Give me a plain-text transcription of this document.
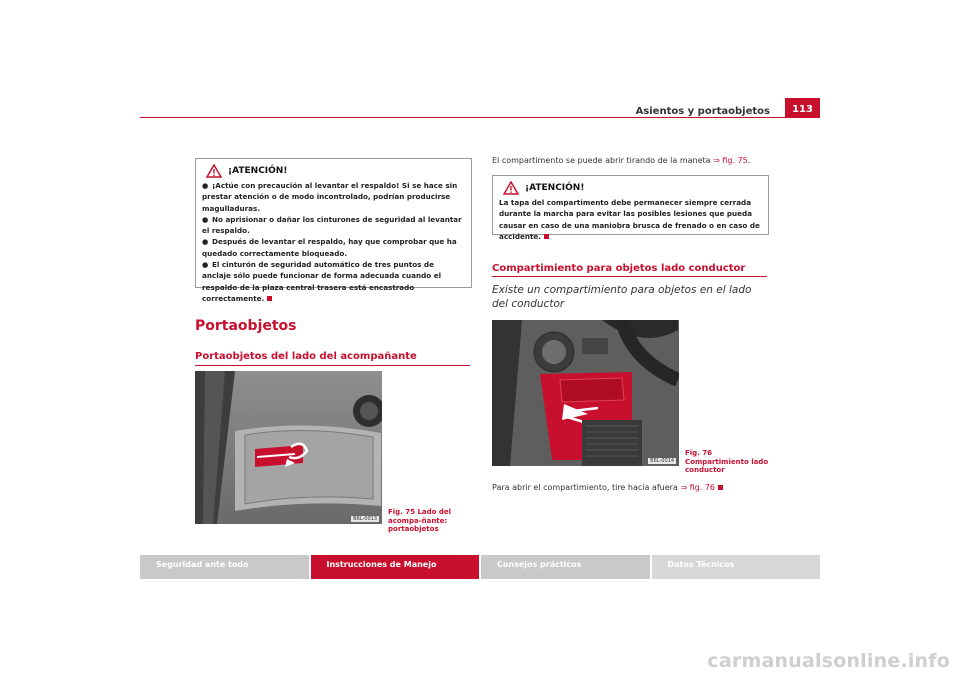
Asientos y portaobjetos	113
¡ATENCIÓN!

● ¡Actúe con precaución al levantar el respaldo! Si se hace sin prestar atención o de modo incontrolado, podrían producirse magulladuras.

● No aprisionar o dañar los cinturones de seguridad al levantar el respaldo.

● Después de levantar el respaldo, hay que comprobar que ha quedado correctamente bloqueado.

● El cinturón de seguridad automático de tres puntos de anclaje sólo puede funcionar de forma adecuada cuando el respaldo de la plaza central trasera está encastrado correctamente.

Portaobjetos
Portaobjetos del lado del acompañante
B6L-0013
Fig. 75 Lado del acompa-ñante: portaobjetos
El compartimento se puede abrir tirando de la maneta ⇒ fig. 75.
¡ATENCIÓN!
La tapa del compartimento debe permanecer siempre cerrada durante la marcha para evitar las posibles lesiones que pueda causar en caso de una maniobra brusca de frenado o en caso de accidente.
Compartimiento para objetos lado conductor
Existe un compartimiento para objetos en el lado del conductor
B6L-0014
Fig. 76 Compartimiento lado conductor
Para abrir el compartimiento, tire hacia afuera ⇒ fig. 76
Seguridad ante todo	Instrucciones de Manejo	Consejos prácticos	Datos Técnicos
carmanualsonline.info
